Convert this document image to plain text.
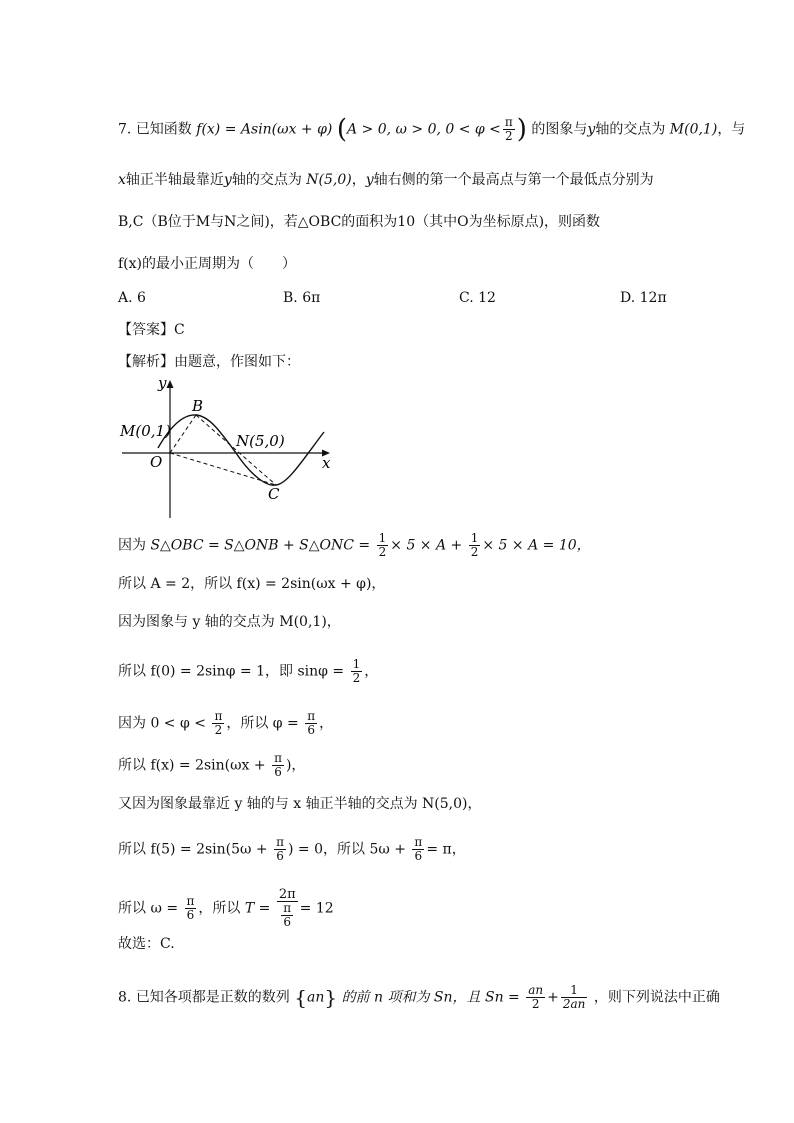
7. 已知函数 f(x) = Asin(ωx + φ) (A > 0, ω > 0, $0 < \varphi < \frac{\pi}{2}$ ) 的图象与y轴的交点为 M(0,1)，与
x轴正半轴最靠近y轴的交点为 N(5,0)，y轴右侧的第一个最高点与第一个最低点分别为
B,C（B位于M与N之间)，若△OBC的面积为10（其中O为坐标原点)，则函数
f(x)的最小正周期为（　　）
A. 6	B. 6π	C. 12	D. 12π
【答案】C
【解析】由题意，作图如下：
y
x
B
M(0,1)
O
N(5,0)
C
因为 S△OBC = S△ONB + S△ONC = $\frac{1}{2} \times 5 \times A + \frac{1}{2} \times 5 \times A = 10$，
所以 A = 2，所以 f(x) = 2sin(ωx + φ)，
因为图象与 y 轴的交点为 M(0,1)，
所以 f(0) = 2sinφ = 1，即 $\sin\varphi = \frac{1}{2}$ ，
因为 $0 < \varphi < \frac{\pi}{2}$ ，所以 $\varphi = \frac{\pi}{6}$ ，
所以 $f(x) = 2\sin(\omega x + \frac{\pi}{6}$ )，
又因为图象最靠近 y 轴的与 x 轴正半轴的交点为 N(5,0)，
所以 $f(5) = 2\sin(5\omega + \frac{\pi}{6}$ ) = 0，所以 $5\omega + \frac{\pi}{6} = \pi$，
所以 $\omega = \frac{\pi}{6}$ ，所以 $T = \frac{2\pi}{\frac{\pi}{6}} = 12$
故选：C.
8. 已知各项都是正数的数列 {an} 的前 n 项和为 Sn，且 $Sn = \frac{an}{2} + \frac{1}{2an}$ ，则下列说法中正确
